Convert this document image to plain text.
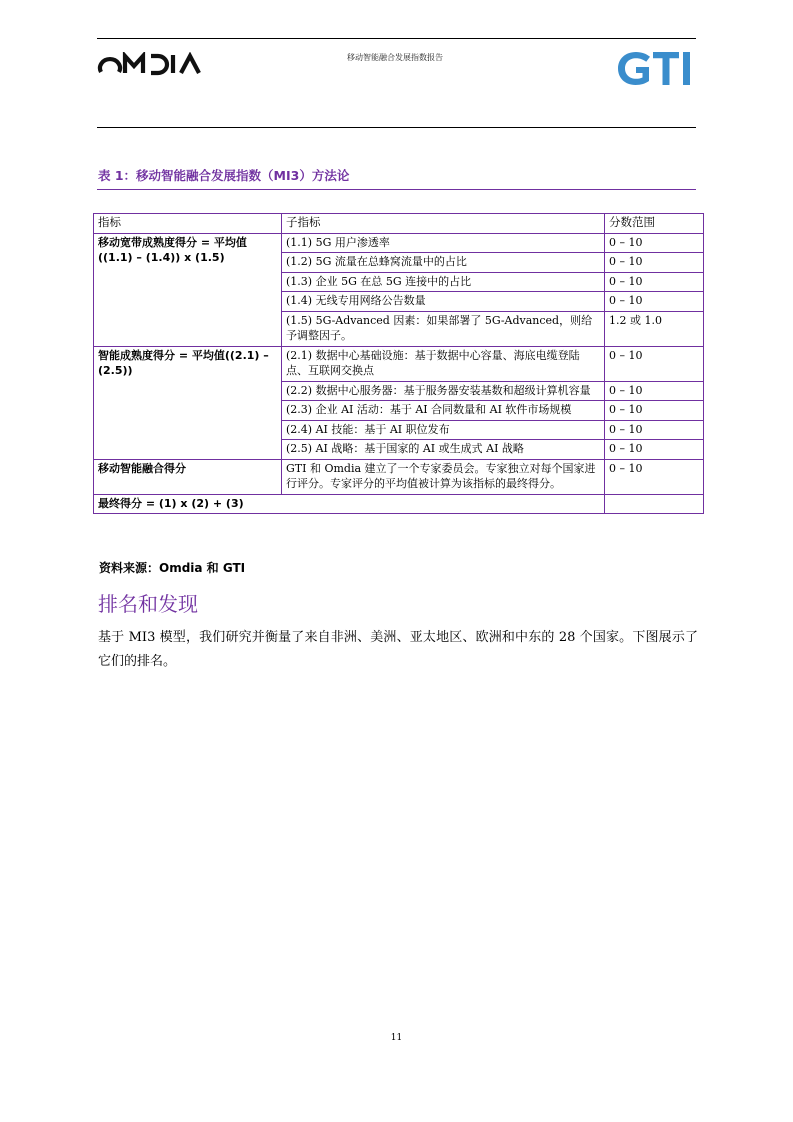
移动智能融合发展指数报告
表 1：移动智能融合发展指数（MI3）方法论
指标	子指标	分数范围
移动宽带成熟度得分 = 平均值((1.1) – (1.4)) x (1.5)	(1.1) 5G 用户渗透率	0 – 10
	(1.2) 5G 流量在总蜂窝流量中的占比	0 – 10
	(1.3) 企业 5G 在总 5G 连接中的占比	0 – 10
	(1.4) 无线专用网络公告数量	0 – 10
	(1.5) 5G-Advanced 因素：如果部署了 5G-Advanced，则给予调整因子。	1.2 或 1.0
智能成熟度得分 = 平均值((2.1) – (2.5))	(2.1) 数据中心基础设施：基于数据中心容量、海底电缆登陆点、互联网交换点	0 – 10
	(2.2) 数据中心服务器：基于服务器安装基数和超级计算机容量	0 – 10
	(2.3) 企业 AI 活动：基于 AI 合同数量和 AI 软件市场规模	0 – 10
	(2.4) AI 技能：基于 AI 职位发布	0 – 10
	(2.5) AI 战略：基于国家的 AI 或生成式 AI 战略	0 – 10
移动智能融合得分	GTI 和 Omdia 建立了一个专家委员会。专家独立对每个国家进行评分。专家评分的平均值被计算为该指标的最终得分。	0 – 10
最终得分 = (1) x (2) + (3)		
资料来源：Omdia 和 GTI
排名和发现
基于 MI3 模型，我们研究并衡量了来自非洲、美洲、亚太地区、欧洲和中东的 28 个国家。下图展示了它们的排名。
11
